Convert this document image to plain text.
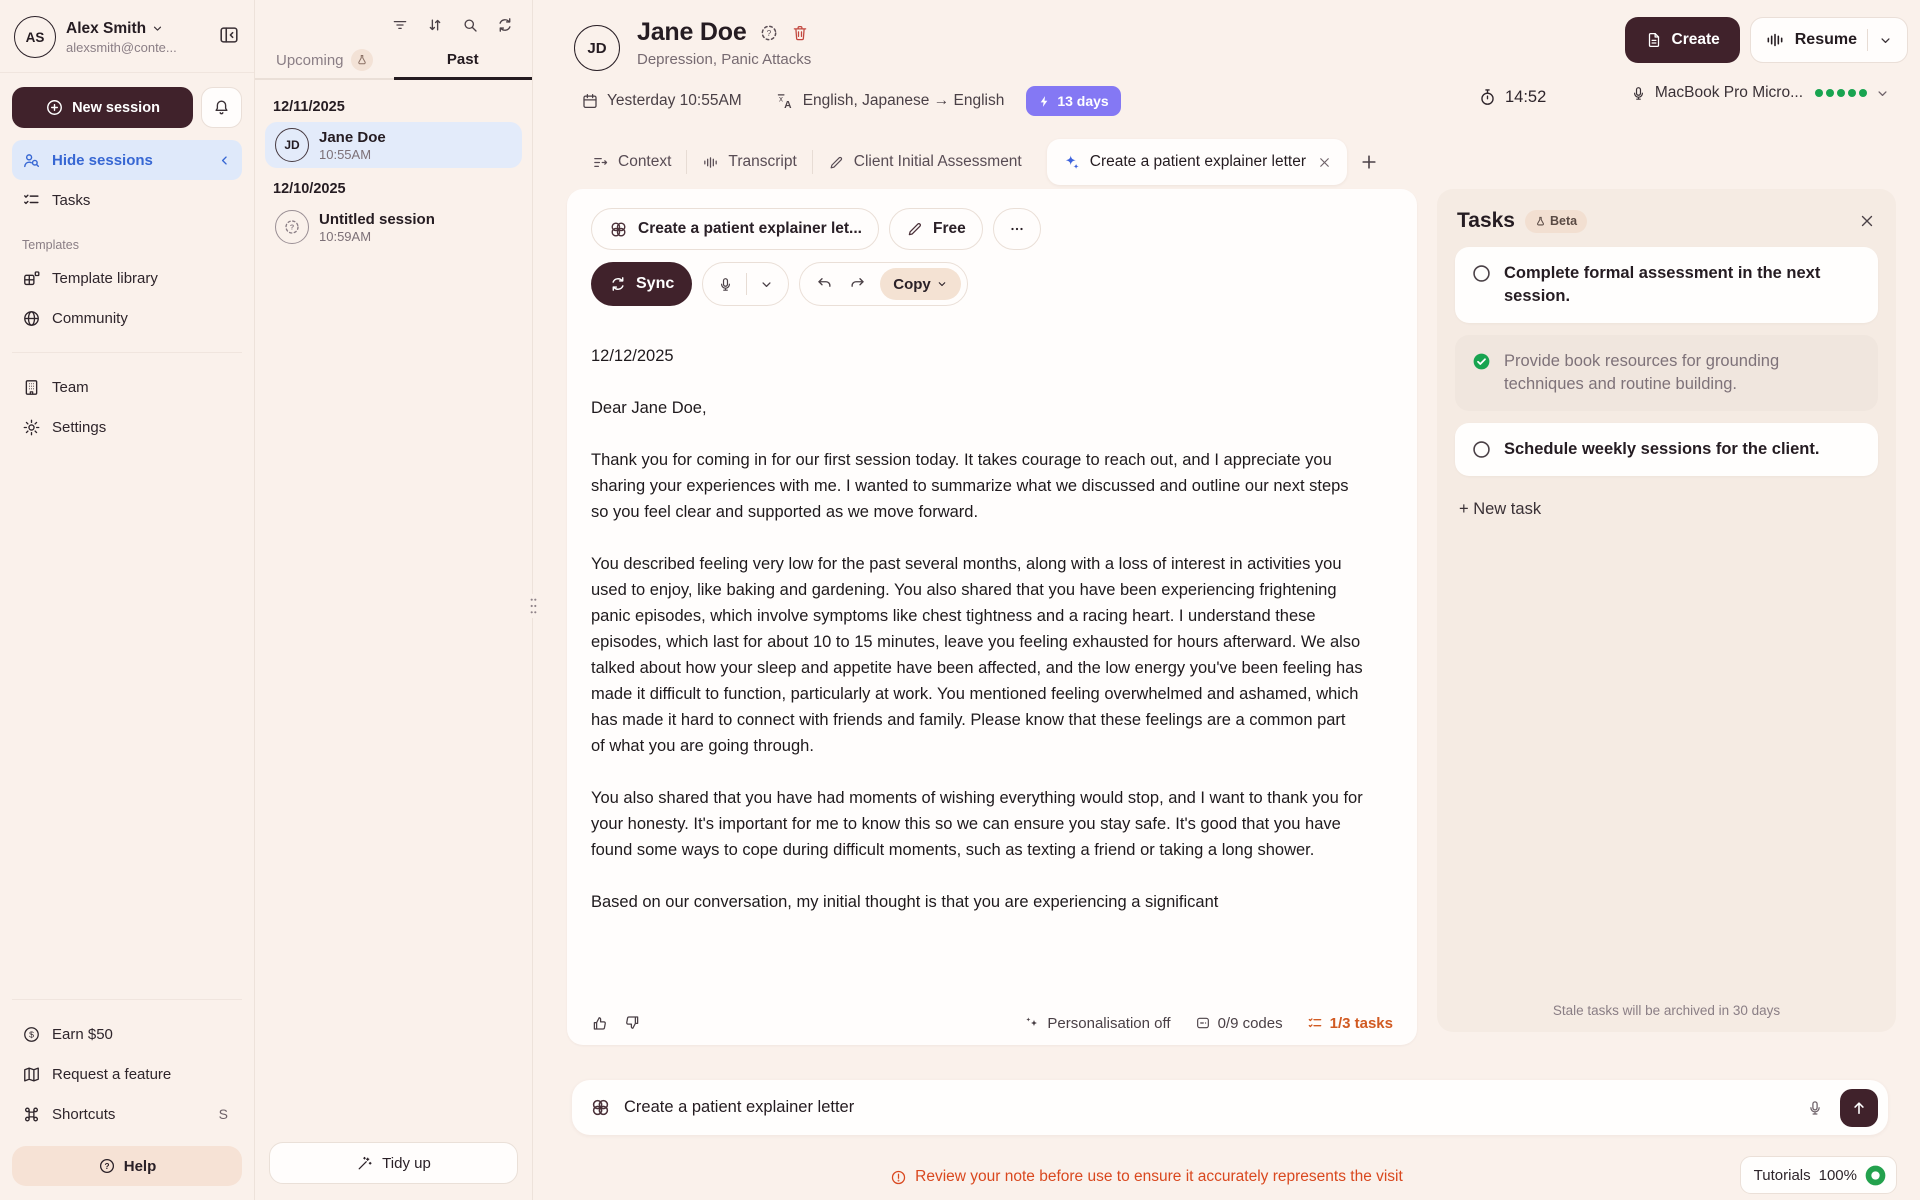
AS
Alex Smith
alexsmith@conte...
New session
Hide sessions
Tasks
Templates
Template library
Community
Team
Settings
$ Earn $50
Request a feature
Shortcuts	S
? Help
Upcoming	Past
12/11/2025
JD	Jane Doe
10:55AM
12/10/2025
? Untitled session
10:59AM
Tidy up
JD
Jane Doe ?
Depression, Panic Attacks
Yesterday 10:55AM	x
A English, Japanese → English	13 days	14:52	MacBook Pro Micro...
Create	Resume
Context	Transcript	Client Initial Assessment	Create a patient explainer letter
Create a patient explainer let...	Free
Sync	Copy

12/12/2025

Dear Jane Doe,

Thank you for coming in for our first session today. It takes courage to reach out, and I appreciate you sharing your experiences with me. I wanted to summarize what we discussed and outline our next steps so you feel clear and supported as we move forward.

You described feeling very low for the past several months, along with a loss of interest in activities you used to enjoy, like baking and gardening. You also shared that you have been experiencing frightening panic episodes, which involve symptoms like chest tightness and a racing heart. I understand these episodes, which last for about 10 to 15 minutes, leave you feeling exhausted for hours afterward. We also talked about how your sleep and appetite have been affected, and the low energy you've been feeling has made it difficult to function, particularly at work. You mentioned feeling overwhelmed and ashamed, which has made it hard to connect with friends and family. Please know that these feelings are a common part of what you are going through.

You also shared that you have had moments of wishing everything would stop, and I want to thank you for your honesty. It's important for me to know this so we can ensure you stay safe. It's good that you have found some ways to cope during difficult moments, such as texting a friend or taking a long shower.

Based on our conversation, my initial thought is that you are experiencing a significant

Personalisation off	0/9 codes	1/3 tasks
Tasks	Beta
Complete formal assessment in the next session.
Provide book resources for grounding techniques and routine building.
Schedule weekly sessions for the client.
+ New task
Stale tasks will be archived in 30 days
Create a patient explainer letter
Review your note before use to ensure it accurately represents the visit	Tutorials 100%
